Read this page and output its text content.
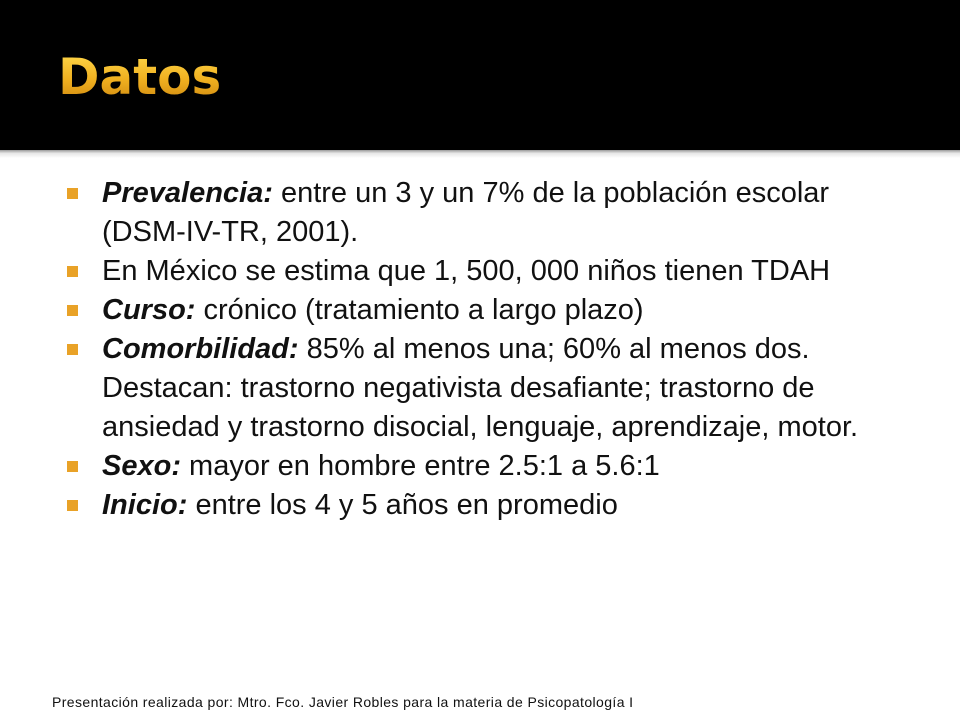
Datos
Prevalencia: entre un 3 y un 7% de la población escolar (DSM-IV-TR, 2001).
En México se estima que 1, 500, 000 niños tienen TDAH
Curso: crónico (tratamiento a largo plazo)
Comorbilidad: 85% al menos una; 60% al menos dos. Destacan: trastorno negativista desafiante; trastorno de ansiedad y trastorno disocial, lenguaje, aprendizaje, motor.
Sexo: mayor en hombre entre 2.5:1 a 5.6:1
Inicio: entre los 4 y 5 años en promedio
Presentación realizada por: Mtro. Fco. Javier Robles para la materia de Psicopatología I
